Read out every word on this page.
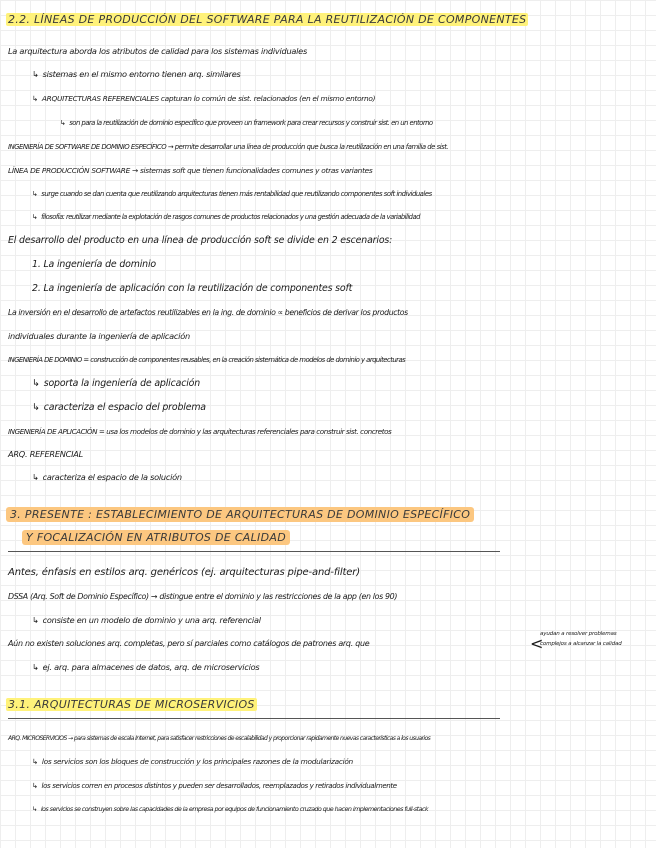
2.2. LÍNEAS DE PRODUCCIÓN DEL SOFTWARE PARA LA REUTILIZACIÓN DE COMPONENTES
La arquitectura aborda los atributos de calidad para los sistemas individuales
↳ sistemas en el mismo entorno tienen arq. similares
↳ ARQUITECTURAS REFERENCIALES capturan lo común de sist. relacionados (en el mismo entorno)
↳ son para la reutilización de dominio específico que proveen un framework para crear recursos y construir sist. en un entorno
INGENIERÍA DE SOFTWARE DE DOMINIO ESPECÍFICO → permite desarrollar una línea de producción que busca la reutilización en una familia de sist.
LÍNEA DE PRODUCCIÓN SOFTWARE → sistemas soft que tienen funcionalidades comunes y otras variantes
↳ surge cuando se dan cuenta que reutilizando arquitecturas tienen más rentabilidad que reutilizando componentes soft individuales
↳ filosofía: reutilizar mediante la explotación de rasgos comunes de productos relacionados y una gestión adecuada de la variabilidad
El desarrollo del producto en una línea de producción soft se divide en 2 escenarios:
1. La ingeniería de dominio
2. La ingeniería de aplicación con la reutilización de componentes soft
La inversión en el desarrollo de artefactos reutilizables en la ing. de dominio ∝ beneficios de derivar los productos
individuales durante la ingeniería de aplicación
INGENIERÍA DE DOMINIO = construcción de componentes reusables, en la creación sistemática de modelos de dominio y arquitecturas
↳ soporta la ingeniería de aplicación
↳ caracteriza el espacio del problema
INGENIERÍA DE APLICACIÓN = usa los modelos de dominio y las arquitecturas referenciales para construir sist. concretos
ARQ. REFERENCIAL
↳ caracteriza el espacio de la solución
3. PRESENTE : ESTABLECIMIENTO DE ARQUITECTURAS DE DOMINIO ESPECÍFICO
Y FOCALIZACIÓN EN ATRIBUTOS DE CALIDAD
Antes, énfasis en estilos arq. genéricos (ej. arquitecturas pipe-and-filter)
DSSA (Arq. Soft de Dominio Específico) → distingue entre el dominio y las restricciones de la app (en los 90)
↳ consiste en un modelo de dominio y una arq. referencial
Aún no existen soluciones arq. completas, pero sí parciales como catálogos de patrones arq. que	<
ayudan a resolver problemas
complejos a alcanzar la calidad
↳ ej. arq. para almacenes de datos, arq. de microservicios
3.1. ARQUITECTURAS DE MICROSERVICIOS
ARQ. MICROSERVICIOS → para sistemas de escala Internet, para satisfacer restricciones de escalabilidad y proporcionar rapidamente nuevas características a los usuarios
↳ los servicios son los bloques de construcción y los principales razones de la modularización
↳ los servicios corren en procesos distintos y pueden ser desarrollados, reemplazados y retirados individualmente
↳ los servicios se construyen sobre las capacidades de la empresa por equipos de funcionamiento cruzado que hacen implementaciones full-stack
